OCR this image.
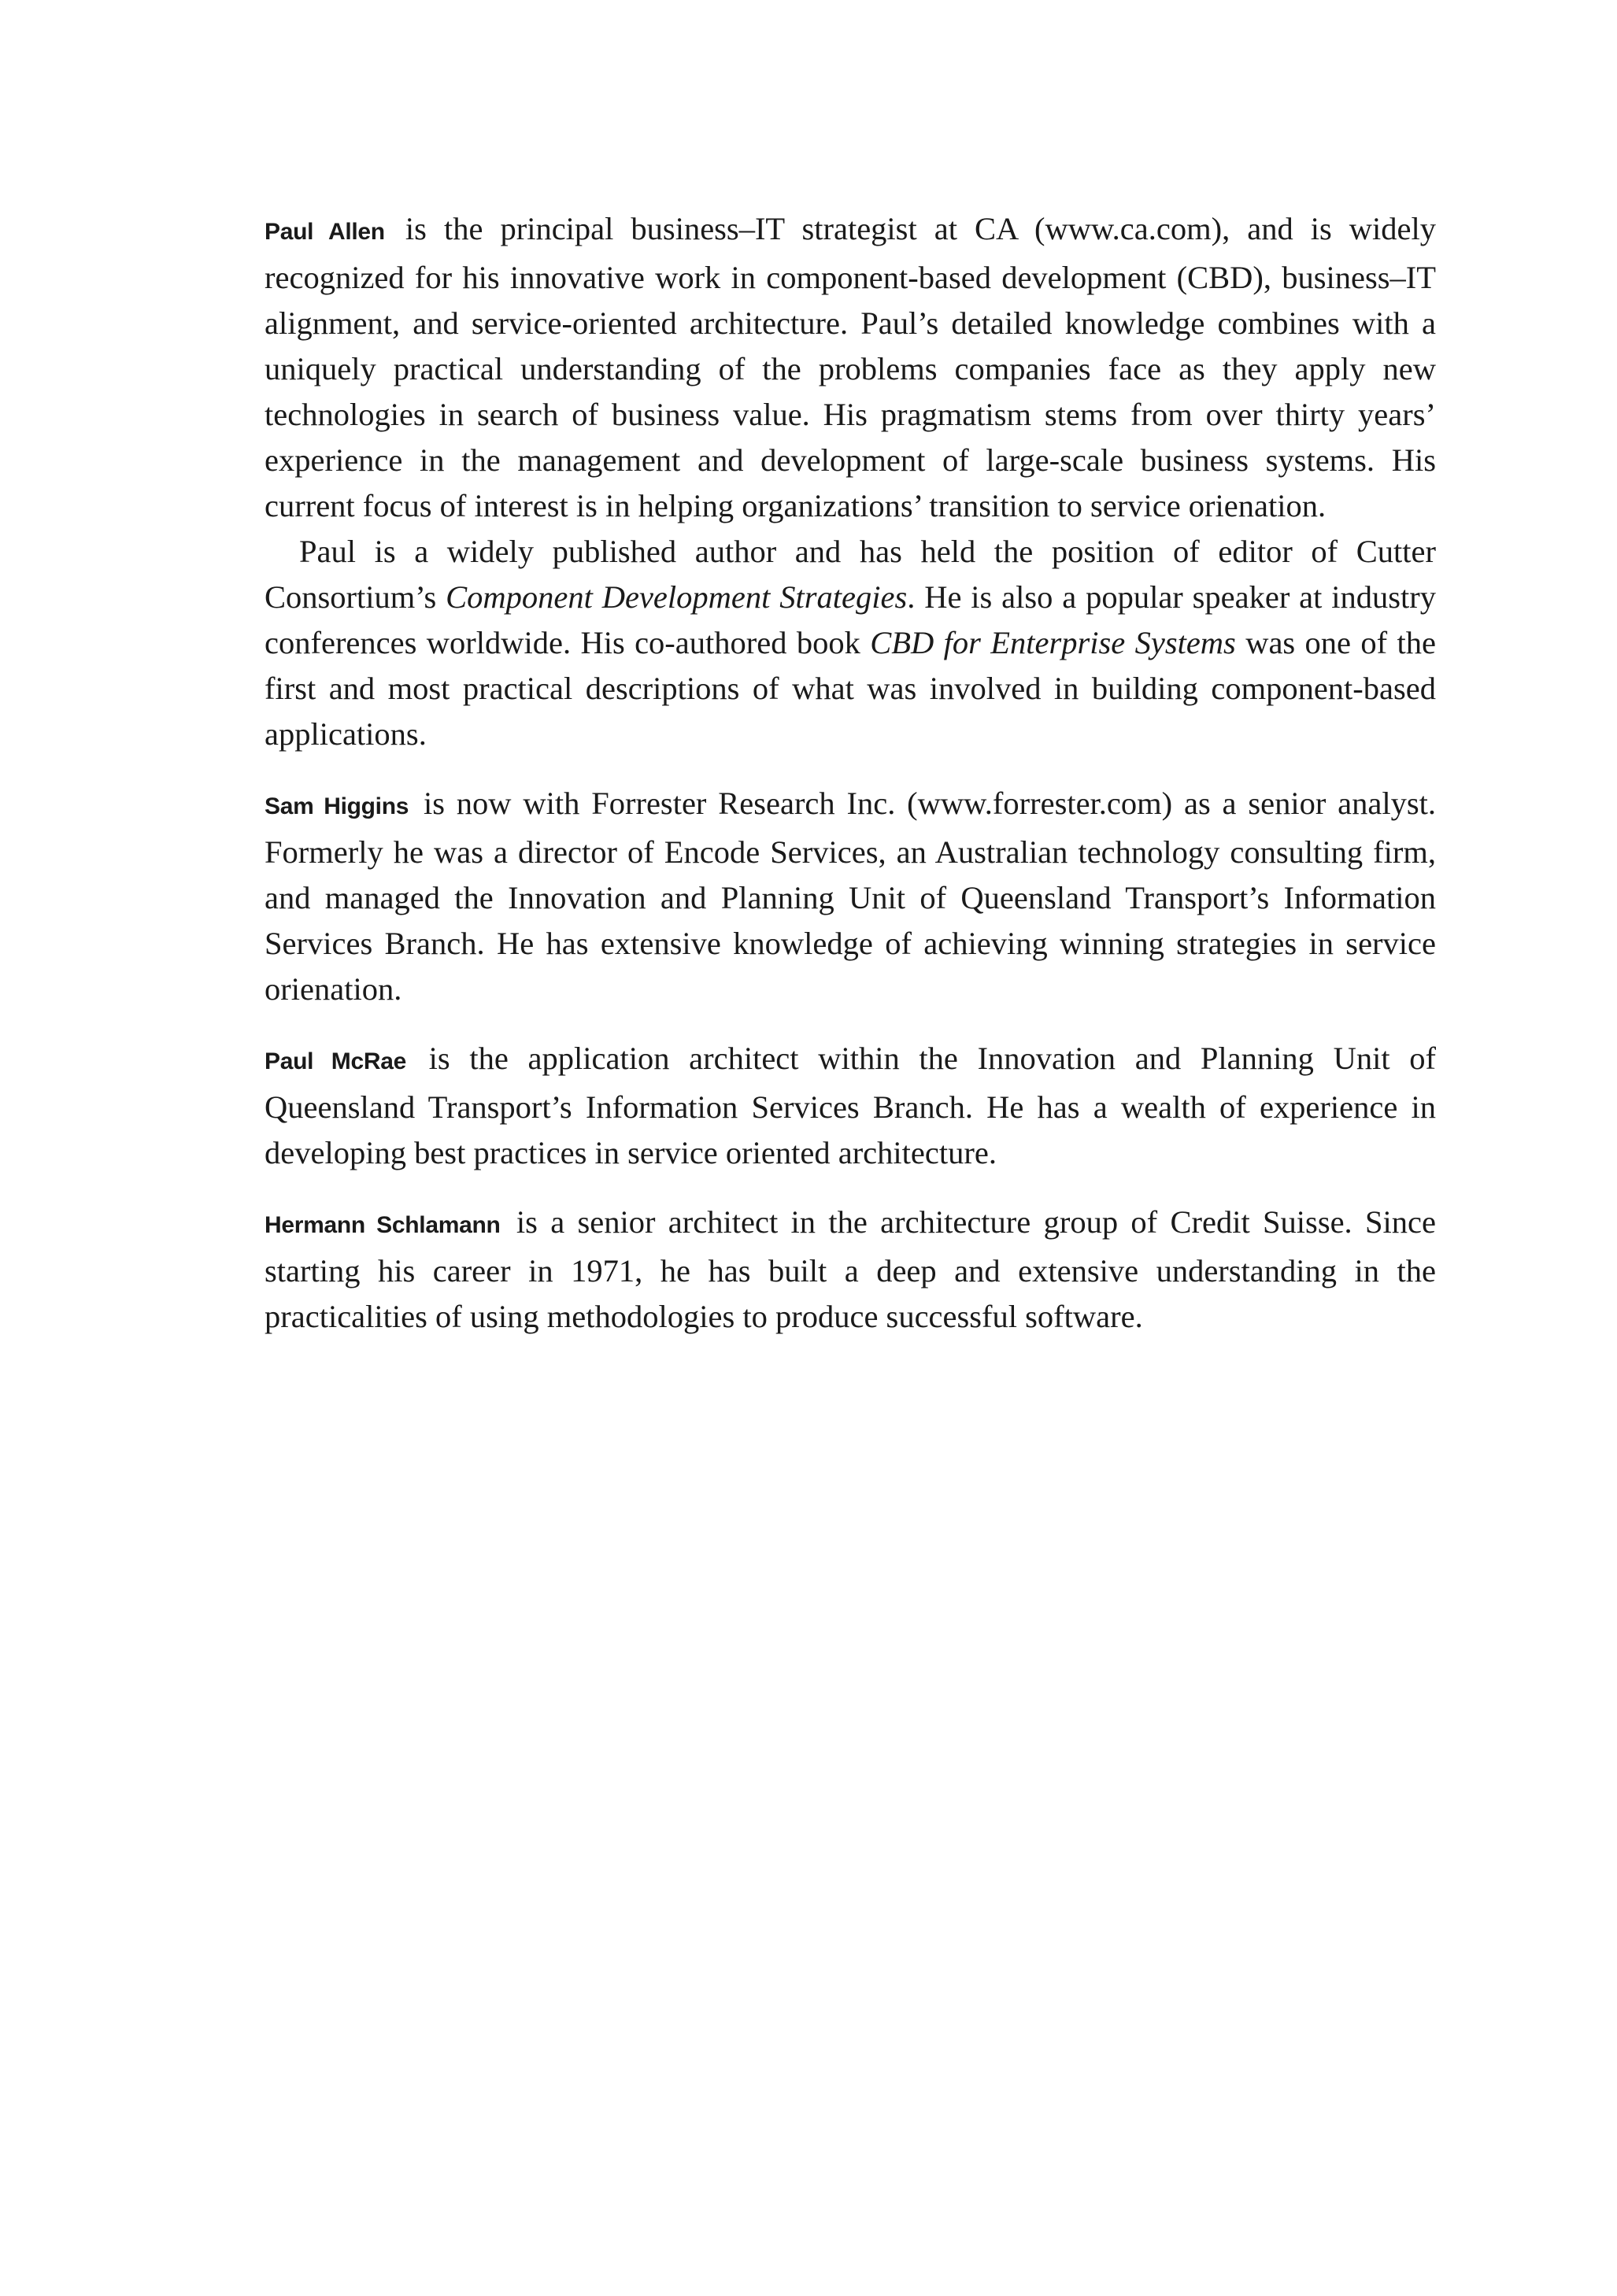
Paul Allen is the principal business–IT strategist at CA (www.ca.com), and is widely recognized for his innovative work in component-based development (CBD), business–IT alignment, and service-oriented architecture. Paul’s detailed knowledge combines with a uniquely practical understanding of the problems companies face as they apply new technologies in search of business value. His pragmatism stems from over thirty years’ experience in the management and development of large-scale business systems. His current focus of interest is in helping organizations’ transition to service orienation.

Paul is a widely published author and has held the position of editor of Cutter Consortium’s Component Development Strategies. He is also a popular speaker at industry conferences worldwide. His co-authored book CBD for Enterprise Systems was one of the first and most practical descriptions of what was involved in building component-based applications.

Sam Higgins is now with Forrester Research Inc. (www.forrester.com) as a senior analyst. Formerly he was a director of Encode Services, an Australian technology consulting firm, and managed the Innovation and Planning Unit of Queensland Transport’s Information Services Branch. He has extensive knowledge of achieving winning strategies in service orienation.

Paul McRae is the application architect within the Innovation and Planning Unit of Queensland Transport’s Information Services Branch. He has a wealth of experience in developing best practices in service oriented architecture.

Hermann Schlamann is a senior architect in the architecture group of Credit Suisse. Since starting his career in 1971, he has built a deep and extensive understanding in the practicalities of using methodologies to produce successful software.
